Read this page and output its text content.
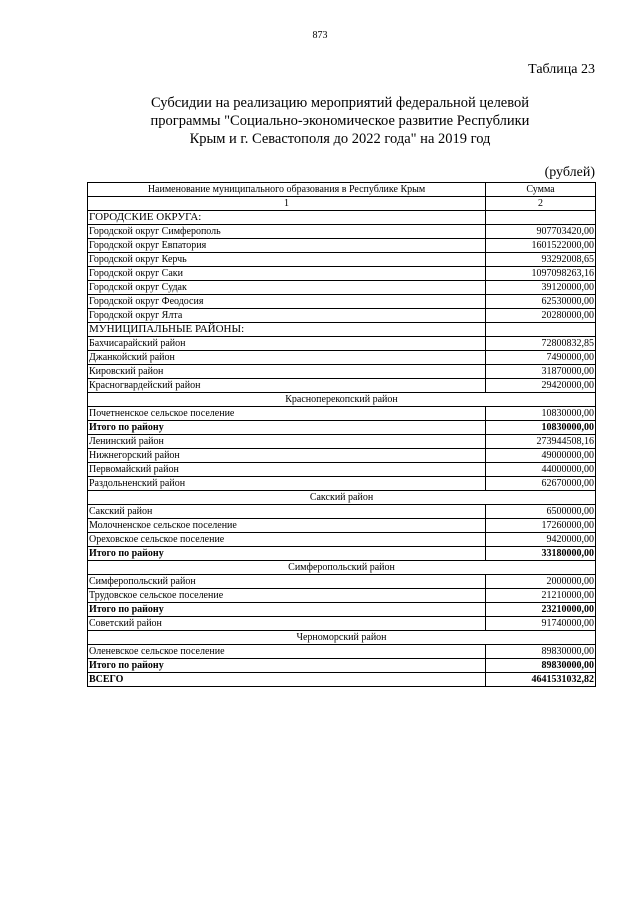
873
Таблица 23
Субсидии на реализацию мероприятий федеральной целевой
программы "Социально-экономическое развитие Республики
Крым и г. Севастополя до 2022 года" на 2019 год
(рублей)
Наименование муниципального образования в Республике Крым	Сумма
1	2
ГОРОДСКИЕ ОКРУГА:	
Городской округ Симферополь	907703420,00
Городской округ Евпатория	1601522000,00
Городской округ Керчь	93292008,65
Городской округ Саки	1097098263,16
Городской округ Судак	39120000,00
Городской округ Феодосия	62530000,00
Городской округ Ялта	20280000,00
МУНИЦИПАЛЬНЫЕ РАЙОНЫ:	
Бахчисарайский район	72800832,85
Джанкойский район	7490000,00
Кировский район	31870000,00
Красногвардейский район	29420000,00
Красноперекопский район	
Почетненское сельское поселение	10830000,00
Итого по району	10830000,00
Ленинский район	273944508,16
Нижнегорский район	49000000,00
Первомайский район	44000000,00
Раздольненский район	62670000,00
Сакский район	
Сакский район	6500000,00
Молочненское сельское поселение	17260000,00
Ореховское сельское поселение	9420000,00
Итого по району	33180000,00
Симферопольский район	
Симферопольский район	2000000,00
Трудовское сельское поселение	21210000,00
Итого по району	23210000,00
Советский район	91740000,00
Черноморский район	
Оленевское сельское поселение	89830000,00
Итого по району	89830000,00
ВСЕГО	4641531032,82
